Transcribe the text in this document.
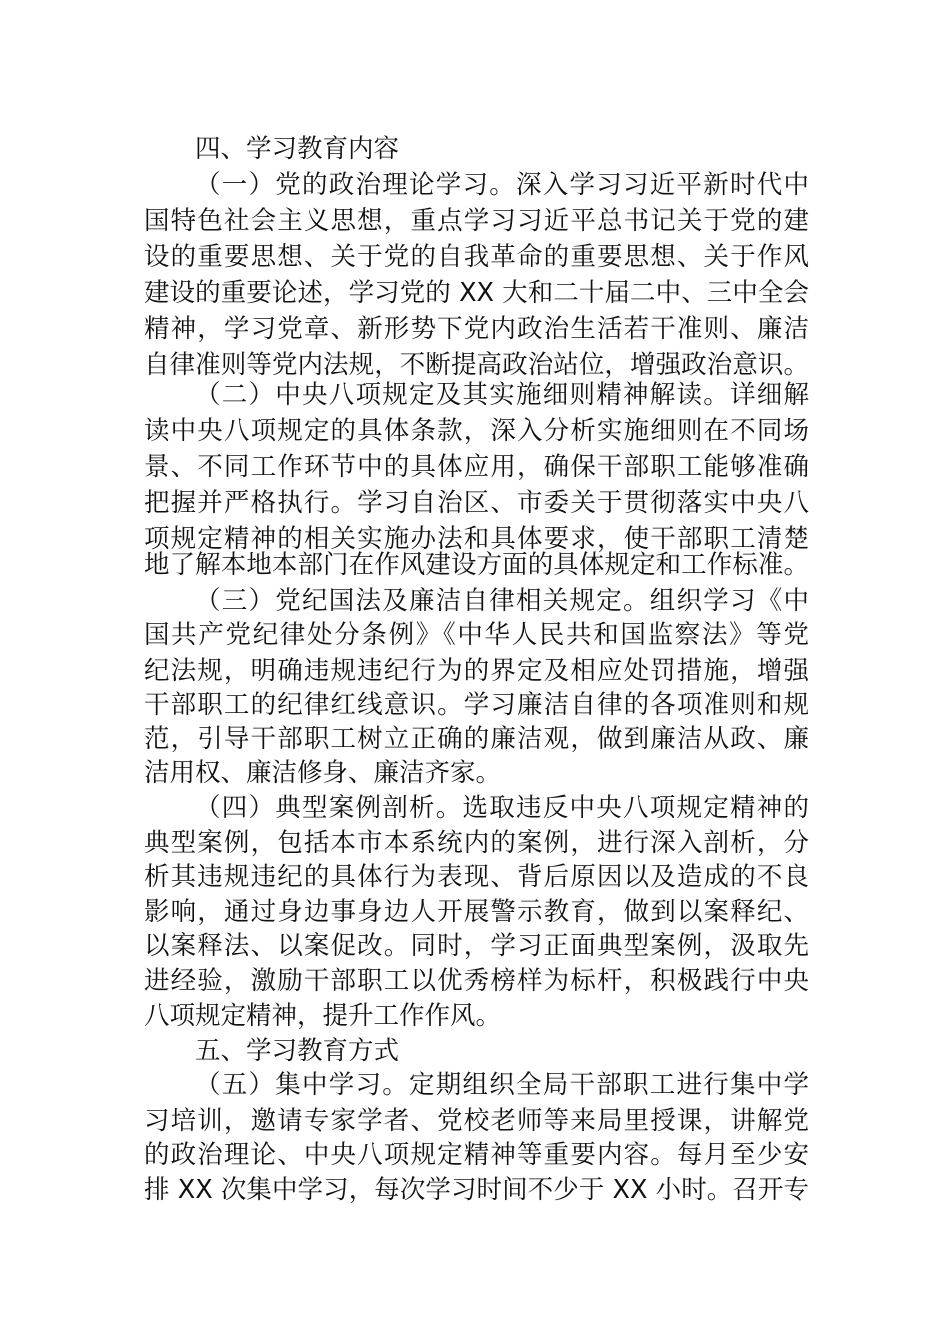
四、学习教育内容
（一）党的政治理论学习。深入学习习近平新时代中
国特色社会主义思想，重点学习习近平总书记关于党的建
设的重要思想、关于党的自我革命的重要思想、关于作风
建设的重要论述，学习党的 XX 大和二十届二中、三中全会
精神，学习党章、新形势下党内政治生活若干准则、廉洁
自律准则等党内法规，不断提高政治站位，增强政治意识。
（二）中央八项规定及其实施细则精神解读。详细解
读中央八项规定的具体条款，深入分析实施细则在不同场
景、不同工作环节中的具体应用，确保干部职工能够准确
把握并严格执行。学习自治区、市委关于贯彻落实中央八
项规定精神的相关实施办法和具体要求，使干部职工清楚
地了解本地本部门在作风建设方面的具体规定和工作标准。
（三）党纪国法及廉洁自律相关规定。组织学习《中
国共产党纪律处分条例》《中华人民共和国监察法》等党
纪法规，明确违规违纪行为的界定及相应处罚措施，增强
干部职工的纪律红线意识。学习廉洁自律的各项准则和规
范，引导干部职工树立正确的廉洁观，做到廉洁从政、廉
洁用权、廉洁修身、廉洁齐家。
（四）典型案例剖析。选取违反中央八项规定精神的
典型案例，包括本市本系统内的案例，进行深入剖析，分
析其违规违纪的具体行为表现、背后原因以及造成的不良
影响，通过身边事身边人开展警示教育，做到以案释纪、
以案释法、以案促改。同时，学习正面典型案例，汲取先
进经验，激励干部职工以优秀榜样为标杆，积极践行中央
八项规定精神，提升工作作风。
五、学习教育方式
（五）集中学习。定期组织全局干部职工进行集中学
习培训，邀请专家学者、党校老师等来局里授课，讲解党
的政治理论、中央八项规定精神等重要内容。每月至少安
排 XX 次集中学习，每次学习时间不少于 XX 小时。召开专
